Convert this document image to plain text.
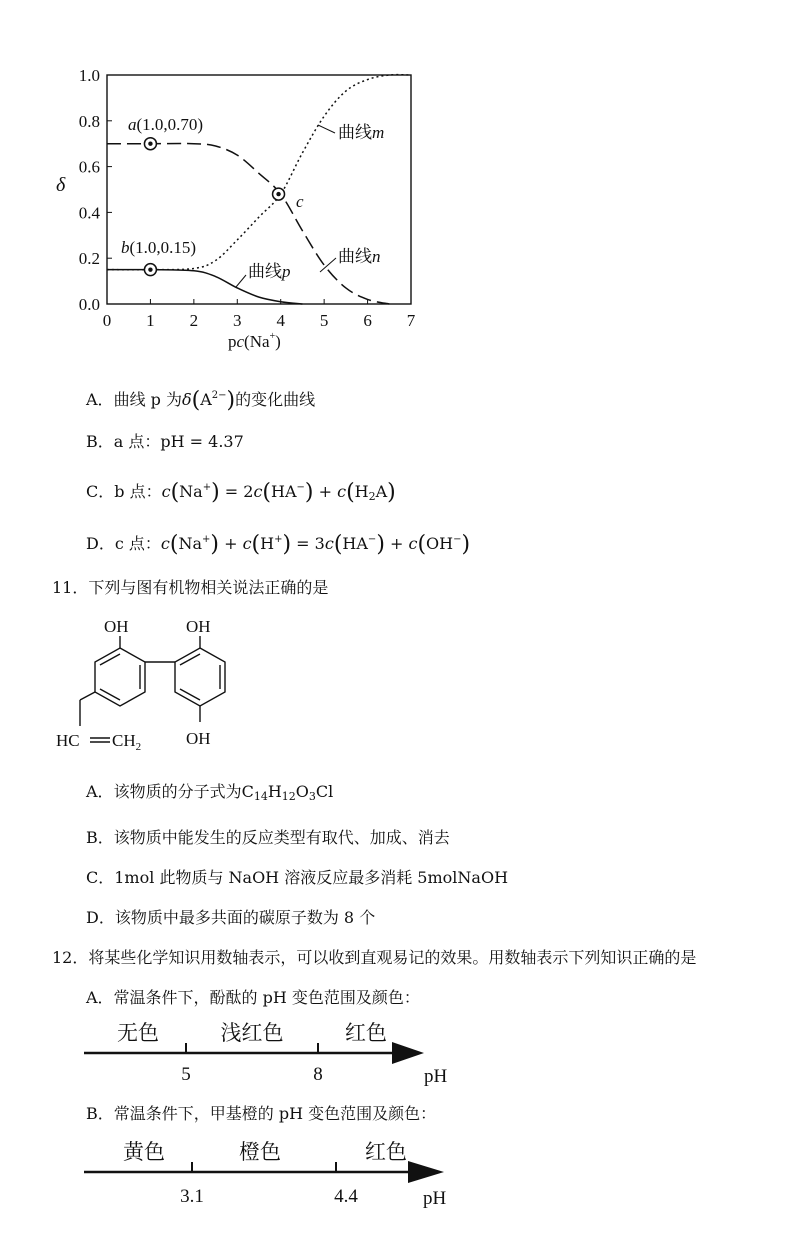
0 1 2 3 4 5 6 7
0.0
0.2
0.4
0.6
0.8
1.0
δ
pc(Na+)
a(1.0,0.70)
b(1.0,0.15)
c
曲线m
曲线n
曲线p
A．曲线 p 为$\delta(A^{2-})$的变化曲线
B．a 点：pH = 4.37
C．b 点：$c(Na^+) = 2c(HA^-) + c(H_2A)$
D．c 点：c(Na+) + c(H+) = 3c(HA−) + c(OH−)
11．下列与图有机物相关说法正确的是
OH	OH
OH
HC $CH_2$
A．该物质的分子式为$C_{14}H_{12}O_3Cl$
B．该物质中能发生的反应类型有取代、加成、消去
C．1mol 此物质与 NaOH 溶液反应最多消耗 5molNaOH
D．该物质中最多共面的碳原子数为 8 个
12．将某些化学知识用数轴表示，可以收到直观易记的效果。用数轴表示下列知识正确的是
A．常温条件下，酚酞的 pH 变色范围及颜色：
无色	浅红色	红色
5	8	pH
B．常温条件下，甲基橙的 pH 变色范围及颜色：
黄色	橙色	红色
3.1	4.4	pH
